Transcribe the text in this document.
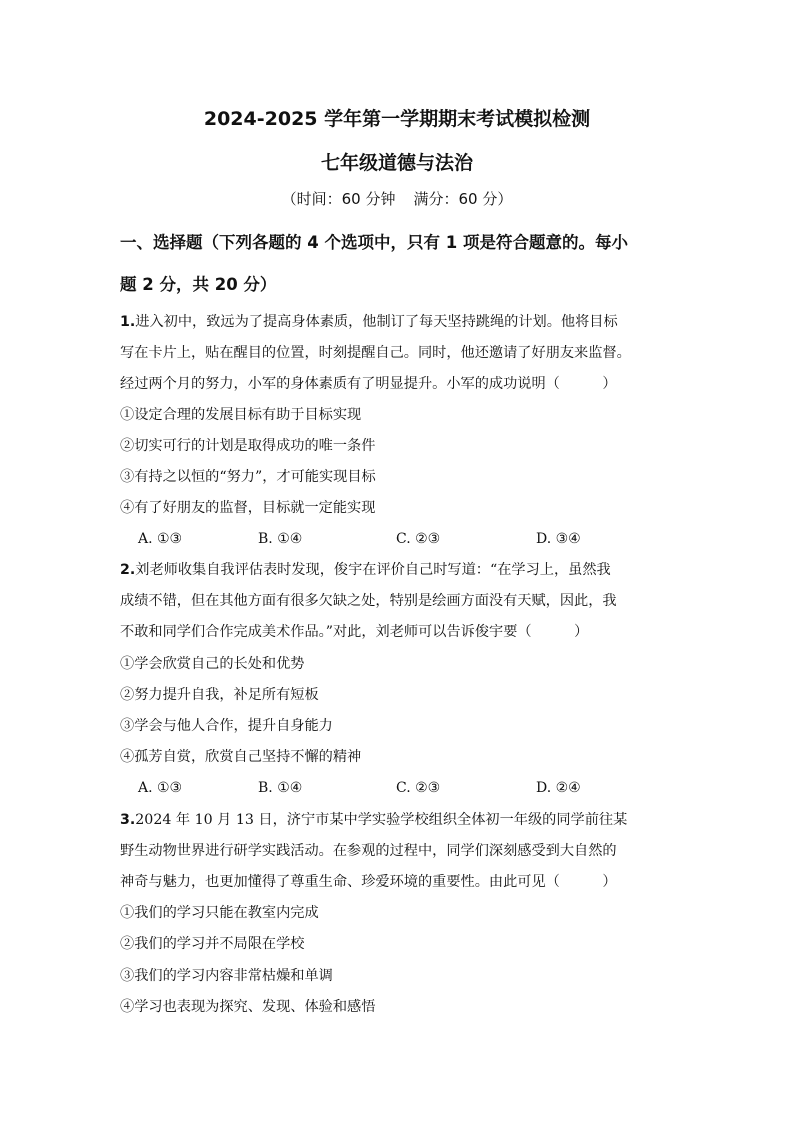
2024-2025 学年第一学期期末考试模拟检测
七年级道德与法治
（时间：60 分钟 满分：60 分）
一、选择题（下列各题的 4 个选项中，只有 1 项是符合题意的。每小
题 2 分，共 20 分）
1.进入初中，致远为了提高身体素质，他制订了每天坚持跳绳的计划。他将目标
写在卡片上，贴在醒目的位置，时刻提醒自己。同时，他还邀请了好朋友来监督。
经过两个月的努力，小军的身体素质有了明显提升。小军的成功说明（　　　）
①设定合理的发展目标有助于目标实现
②切实可行的计划是取得成功的唯一条件
③有持之以恒的“努力”，才可能实现目标
④有了好朋友的监督，目标就一定能实现
A. ①③	B. ①④	C. ②③	D. ③④
2.刘老师收集自我评估表时发现，俊宇在评价自己时写道：“在学习上，虽然我
成绩不错，但在其他方面有很多欠缺之处，特别是绘画方面没有天赋，因此，我
不敢和同学们合作完成美术作品。”对此，刘老师可以告诉俊宇要（　　　）
①学会欣赏自己的长处和优势
②努力提升自我，补足所有短板
③学会与他人合作，提升自身能力
④孤芳自赏，欣赏自己坚持不懈的精神
A. ①③	B. ①④	C. ②③	D. ②④
3.2024 年 10 月 13 日，济宁市某中学实验学校组织全体初一年级的同学前往某
野生动物世界进行研学实践活动。在参观的过程中，同学们深刻感受到大自然的
神奇与魅力，也更加懂得了尊重生命、珍爱环境的重要性。由此可见（　　　）
①我们的学习只能在教室内完成
②我们的学习并不局限在学校
③我们的学习内容非常枯燥和单调
④学习也表现为探究、发现、体验和感悟
